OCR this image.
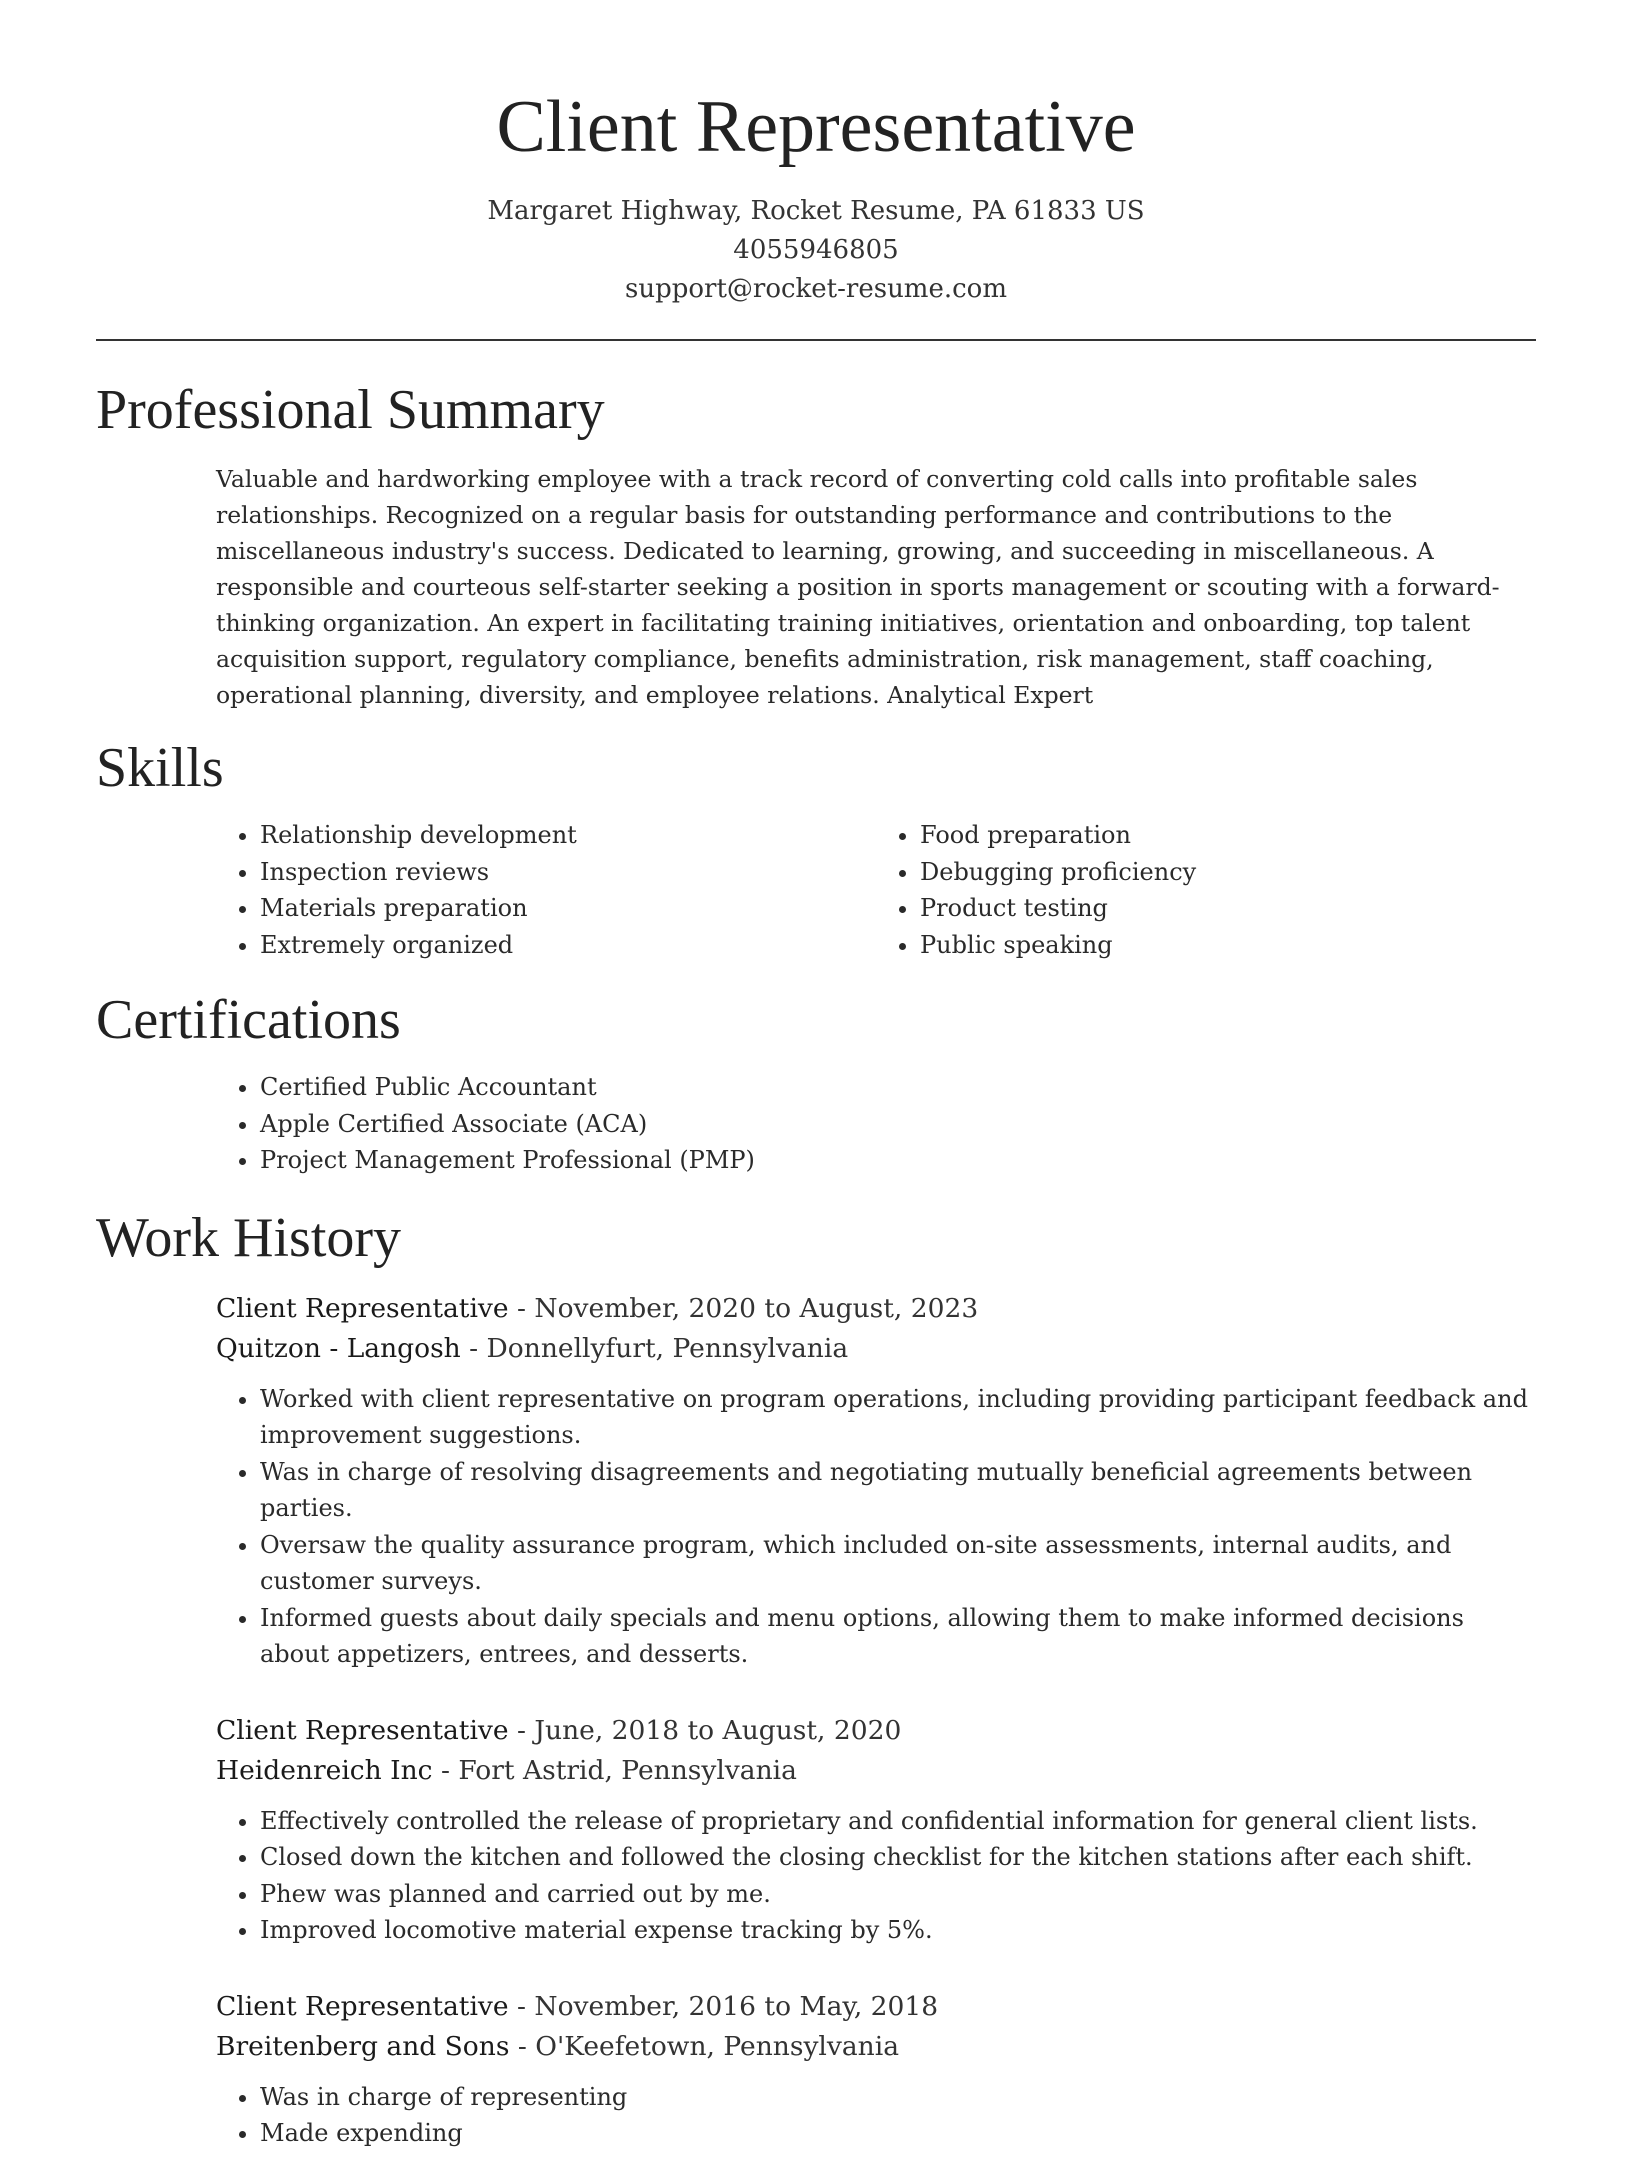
Client Representative
Margaret Highway, Rocket Resume, PA 61833 US
4055946805
support@rocket-resume.com
Professional Summary

Valuable and hardworking employee with a track record of converting cold calls into profitable sales relationships. Recognized on a regular basis for outstanding performance and contributions to the miscellaneous industry's success. Dedicated to learning, growing, and succeeding in miscellaneous. A responsible and courteous self-starter seeking a position in sports management or scouting with a forward-thinking organization. An expert in facilitating training initiatives, orientation and onboarding, top talent acquisition support, regulatory compliance, benefits administration, risk management, staff coaching, operational planning, diversity, and employee relations. Analytical Expert

Skills
• Relationship development
• Inspection reviews
• Materials preparation
• Extremely organized
• Food preparation
• Debugging proficiency
• Product testing
• Public speaking
Certifications
• Certified Public Accountant
• Apple Certified Associate (ACA)
• Project Management Professional (PMP)
Work History
Client Representative - November, 2020 to August, 2023
Quitzon - Langosh - Donnellyfurt, Pennsylvania
• Worked with client representative on program operations, including providing participant feedback and improvement suggestions.
• Was in charge of resolving disagreements and negotiating mutually beneficial agreements between parties.
• Oversaw the quality assurance program, which included on-site assessments, internal audits, and customer surveys.
• Informed guests about daily specials and menu options, allowing them to make informed decisions about appetizers, entrees, and desserts.
Client Representative - June, 2018 to August, 2020
Heidenreich Inc - Fort Astrid, Pennsylvania
• Effectively controlled the release of proprietary and confidential information for general client lists.
• Closed down the kitchen and followed the closing checklist for the kitchen stations after each shift.
• Phew was planned and carried out by me.
• Improved locomotive material expense tracking by 5%.
Client Representative - November, 2016 to May, 2018
Breitenberg and Sons - O'Keefetown, Pennsylvania
• Was in charge of representing
• Made expending
